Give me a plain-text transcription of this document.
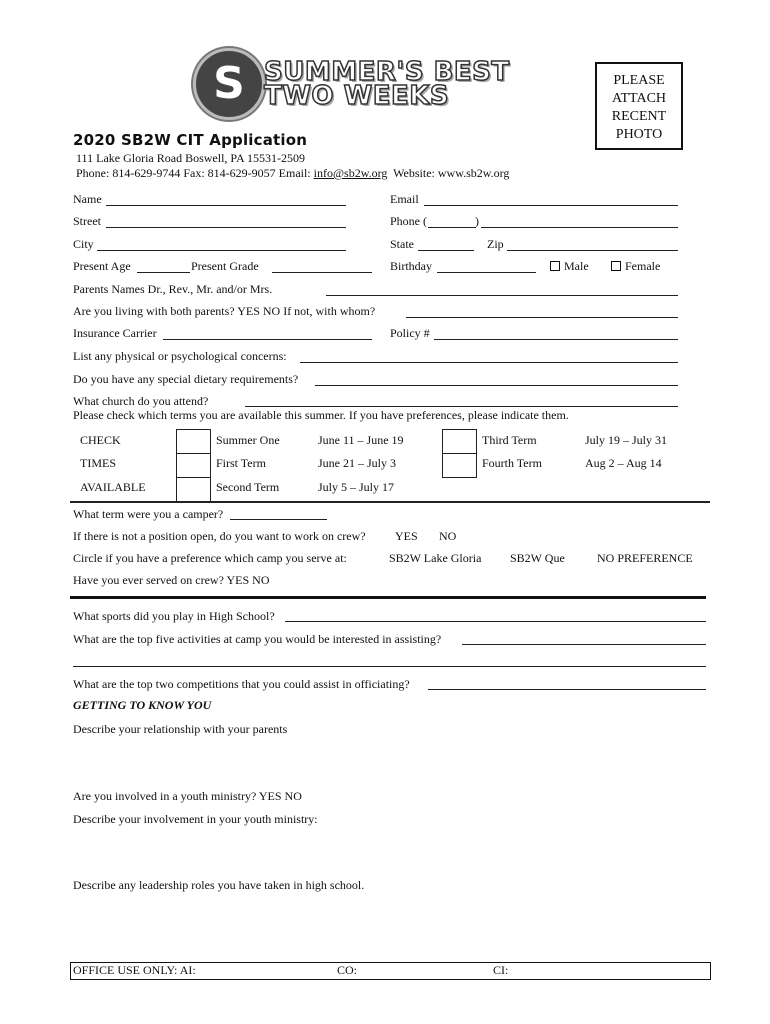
S SUMMER'S BEST
TWO WEEKS
PLEASE
ATTACH
RECENT
PHOTO
2020 SB2W CIT Application
111 Lake Gloria Road Boswell, PA 15531-2509
Phone: 814-629-9744 Fax: 814-629-9057 Email: info@sb2w.org Website: www.sb2w.org
Name	Email
Street	Phone (	)
City	State	Zip
Present Age	Present Grade	Birthday	Male	Female
Parents Names Dr., Rev., Mr. and/or Mrs.
Are you living with both parents? YES NO If not, with whom?
Insurance Carrier	Policy #
List any physical or psychological concerns:
Do you have any special dietary requirements?
What church do you attend?
Please check which terms you are available this summer. If you have preferences, please indicate them.
CHECK
TIMES
AVAILABLE
Summer One	June 11 – June 19
First Term	June 21 – July 3
Second Term	July 5 – July 17
Third Term	July 19 – July 31
Fourth Term	Aug 2 – Aug 14
What term were you a camper?
If there is not a position open, do you want to work on crew? YES NO
Circle if you have a preference which camp you serve at:	SB2W Lake Gloria SB2W Que	NO PREFERENCE
Have you ever served on crew? YES NO
What sports did you play in High School?
What are the top five activities at camp you would be interested in assisting?
What are the top two competitions that you could assist in officiating?
GETTING TO KNOW YOU
Describe your relationship with your parents
Are you involved in a youth ministry? YES NO
Describe your involvement in your youth ministry:
Describe any leadership roles you have taken in high school.
OFFICE USE ONLY: AI:	CO:	CI:
